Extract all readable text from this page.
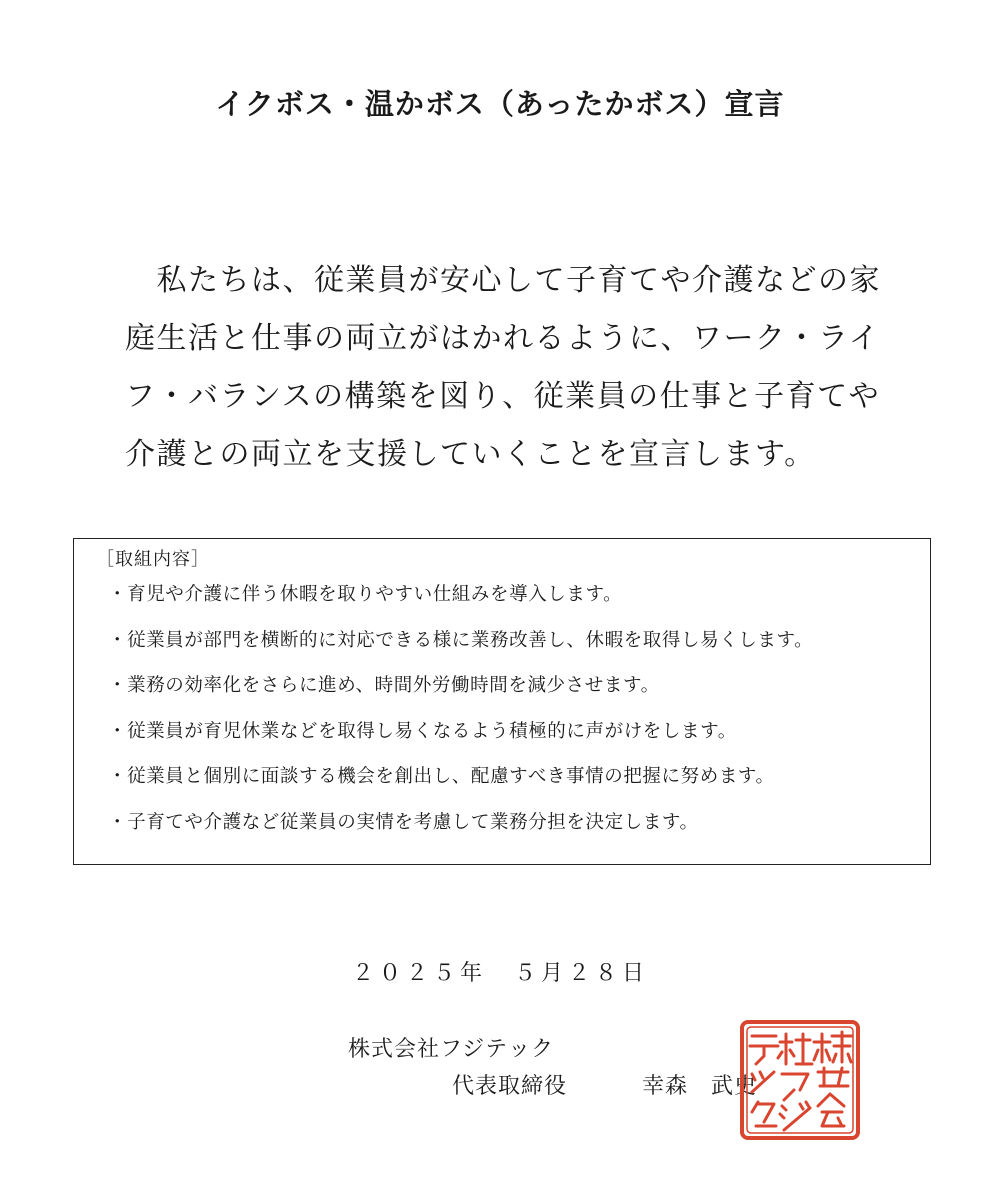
イクボス・温かボス（あったかボス）宣言
　私たちは、従業員が安心して子育てや介護などの家
庭生活と仕事の両立がはかれるように、ワーク・ライ
フ・バランスの構築を図り、従業員の仕事と子育てや
介護との両立を支援していくことを宣言します。
［取組内容］
・育児や介護に伴う休暇を取りやすい仕組みを導入します。
・従業員が部門を横断的に対応できる様に業務改善し、休暇を取得し易くします。
・業務の効率化をさらに進め、時間外労働時間を減少させます。
・従業員が育児休業などを取得し易くなるよう積極的に声がけをします。
・従業員と個別に面談する機会を創出し、配慮すべき事情の把握に努めます。
・子育てや介護など従業員の実情を考慮して業務分担を決定します。
２０２５年　５月２８日
株式会社フジテック
代表取締役	幸森　武史
